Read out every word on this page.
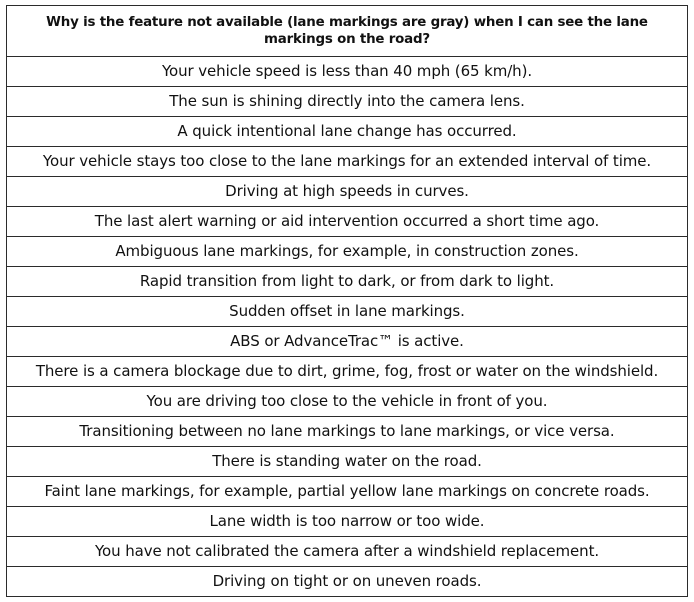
Why is the feature not available (lane markings are gray) when I can see the lane markings on the road?
Your vehicle speed is less than 40 mph (65 km/h).
The sun is shining directly into the camera lens.
A quick intentional lane change has occurred.
Your vehicle stays too close to the lane markings for an extended interval of time.
Driving at high speeds in curves.
The last alert warning or aid intervention occurred a short time ago.
Ambiguous lane markings, for example, in construction zones.
Rapid transition from light to dark, or from dark to light.
Sudden offset in lane markings.
ABS or AdvanceTrac™ is active.
There is a camera blockage due to dirt, grime, fog, frost or water on the windshield.
You are driving too close to the vehicle in front of you.
Transitioning between no lane markings to lane markings, or vice versa.
There is standing water on the road.
Faint lane markings, for example, partial yellow lane markings on concrete roads.
Lane width is too narrow or too wide.
You have not calibrated the camera after a windshield replacement.
Driving on tight or on uneven roads.
